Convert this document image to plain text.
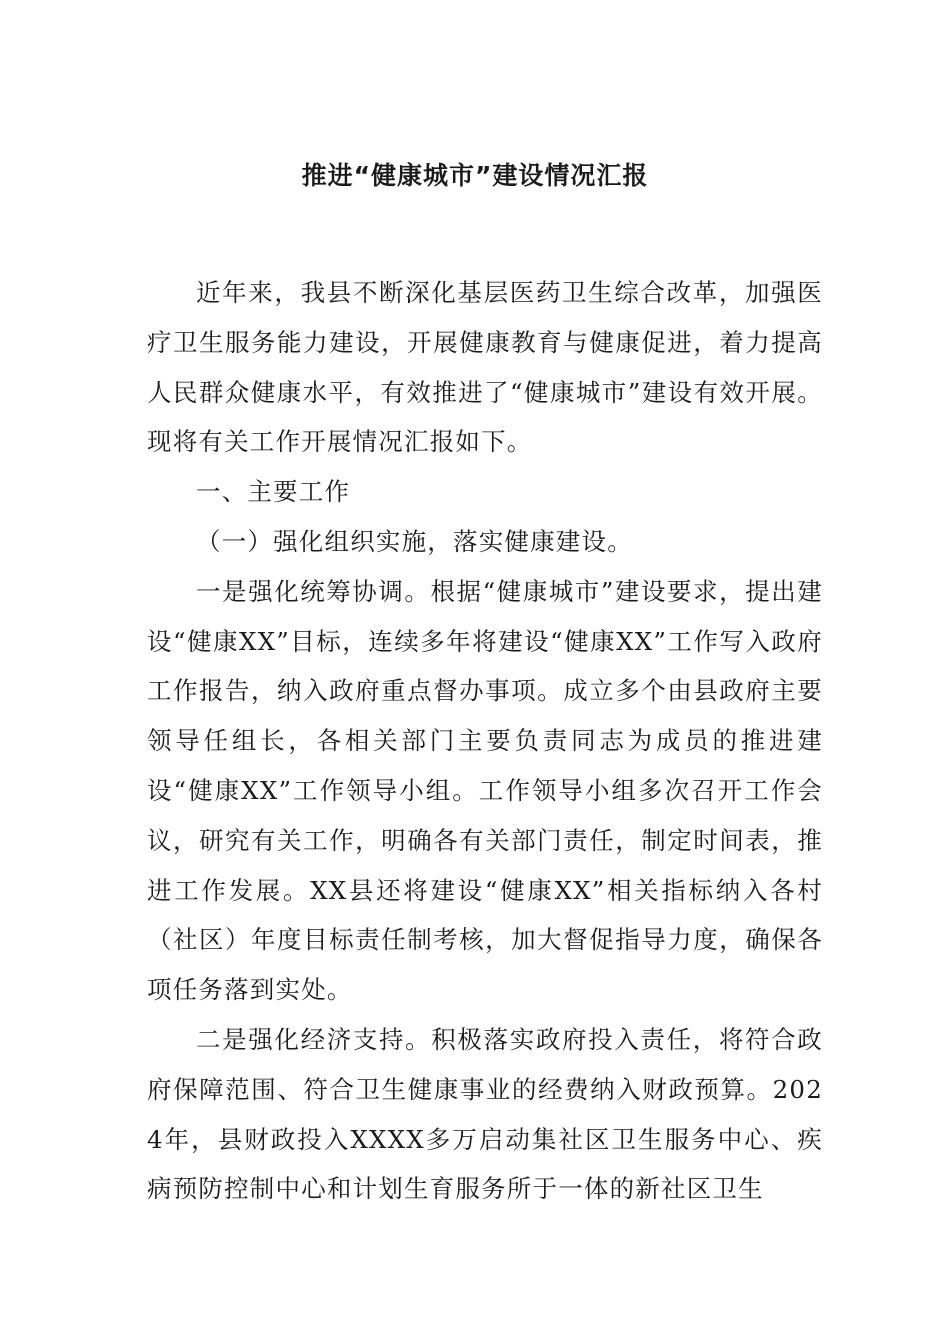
推进“健康城市”建设情况汇报

近年来，我县不断深化基层医药卫生综合改革，加强医疗卫生服务能力建设，开展健康教育与健康促进，着力提高人民群众健康水平，有效推进了“健康城市”建设有效开展。现将有关工作开展情况汇报如下。

一、主要工作

（一）强化组织实施，落实健康建设。

一是强化统筹协调。根据“健康城市”建设要求，提出建设“健康XX”目标，连续多年将建设“健康XX”工作写入政府工作报告，纳入政府重点督办事项。成立多个由县政府主要领导任组长，各相关部门主要负责同志为成员的推进建设“健康XX”工作领导小组。工作领导小组多次召开工作会议，研究有关工作，明确各有关部门责任，制定时间表，推进工作发展。XX县还将建设“健康XX”相关指标纳入各村（社区）年度目标责任制考核，加大督促指导力度，确保各项任务落到实处。

二是强化经济支持。积极落实政府投入责任，将符合政府保障范围、符合卫生健康事业的经费纳入财政预算。2024年，县财政投入XXXX多万启动集社区卫生服务中心、疾病预防控制中心和计划生育服务所于一体的新社区卫生
